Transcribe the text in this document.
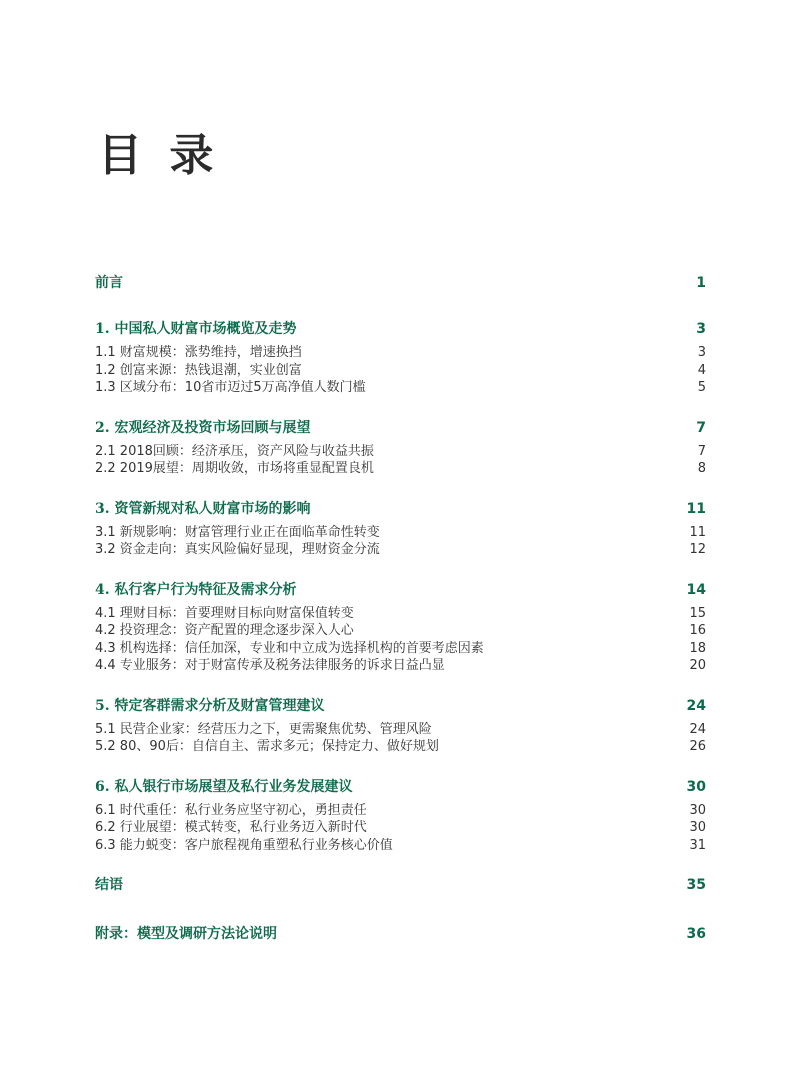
目 录
前言	1
1. 中国私人财富市场概览及走势	3
1.1 财富规模：涨势维持，增速换挡	3
1.2 创富来源：热钱退潮，实业创富	4
1.3 区域分布：10省市迈过5万高净值人数门槛	5
2. 宏观经济及投资市场回顾与展望	7
2.1 2018回顾：经济承压，资产风险与收益共振	7
2.2 2019展望：周期收敛，市场将重显配置良机	8
3. 资管新规对私人财富市场的影响	11
3.1 新规影响：财富管理行业正在面临革命性转变	11
3.2 资金走向：真实风险偏好显现，理财资金分流	12
4. 私行客户行为特征及需求分析	14
4.1 理财目标：首要理财目标向财富保值转变	15
4.2 投资理念：资产配置的理念逐步深入人心	16
4.3 机构选择：信任加深，专业和中立成为选择机构的首要考虑因素	18
4.4 专业服务：对于财富传承及税务法律服务的诉求日益凸显	20
5. 特定客群需求分析及财富管理建议	24
5.1 民营企业家：经营压力之下，更需聚焦优势、管理风险	24
5.2 80、90后：自信自主、需求多元；保持定力、做好规划	26
6. 私人银行市场展望及私行业务发展建议	30
6.1 时代重任：私行业务应坚守初心，勇担责任	30
6.2 行业展望：模式转变，私行业务迈入新时代	30
6.3 能力蜕变：客户旅程视角重塑私行业务核心价值	31
结语	35
附录：模型及调研方法论说明	36
